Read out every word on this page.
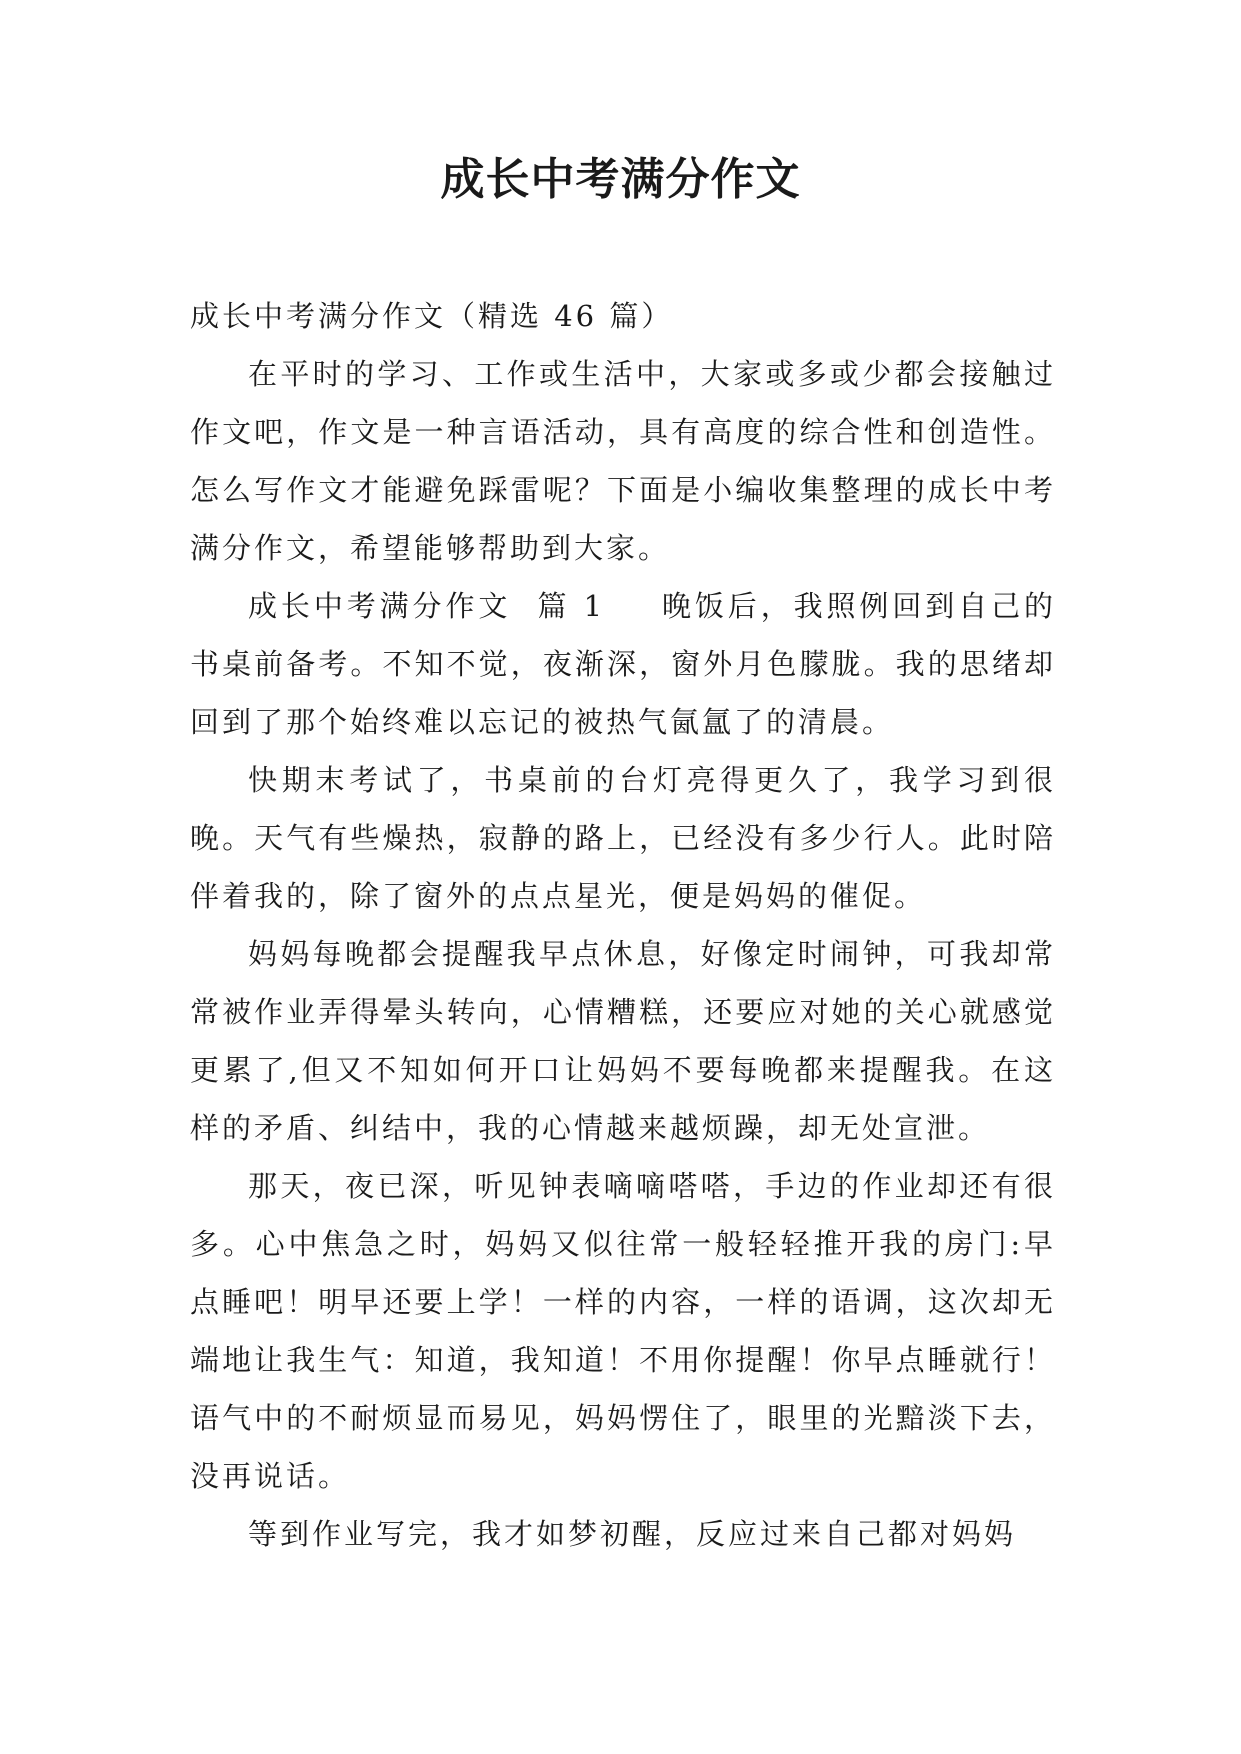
成长中考满分作文

成长中考满分作文（精选 46 篇）

在平时的学习、工作或生活中，大家或多或少都会接触过作文吧，作文是一种言语活动，具有高度的综合性和创造性。怎么写作文才能避免踩雷呢？下面是小编收集整理的成长中考满分作文，希望能够帮助到大家。

成长中考满分作文  篇 1 晚饭后，我照例回到自己的书桌前备考。不知不觉，夜渐深，窗外月色朦胧。我的思绪却回到了那个始终难以忘记的被热气氤氲了的清晨。

快期末考试了，书桌前的台灯亮得更久了，我学习到很晚。天气有些燥热，寂静的路上，已经没有多少行人。此时陪伴着我的，除了窗外的点点星光，便是妈妈的催促。

妈妈每晚都会提醒我早点休息，好像定时闹钟，可我却常常被作业弄得晕头转向，心情糟糕，还要应对她的关心就感觉更累了,但又不知如何开口让妈妈不要每晚都来提醒我。在这样的矛盾、纠结中，我的心情越来越烦躁，却无处宣泄。

那天，夜已深，听见钟表嘀嘀嗒嗒，手边的作业却还有很多。心中焦急之时，妈妈又似往常一般轻轻推开我的房门:早点睡吧！明早还要上学！一样的内容，一样的语调，这次却无端地让我生气：知道，我知道！不用你提醒！你早点睡就行！语气中的不耐烦显而易见，妈妈愣住了，眼里的光黯淡下去，没再说话。

等到作业写完，我才如梦初醒，反应过来自己都对妈妈
